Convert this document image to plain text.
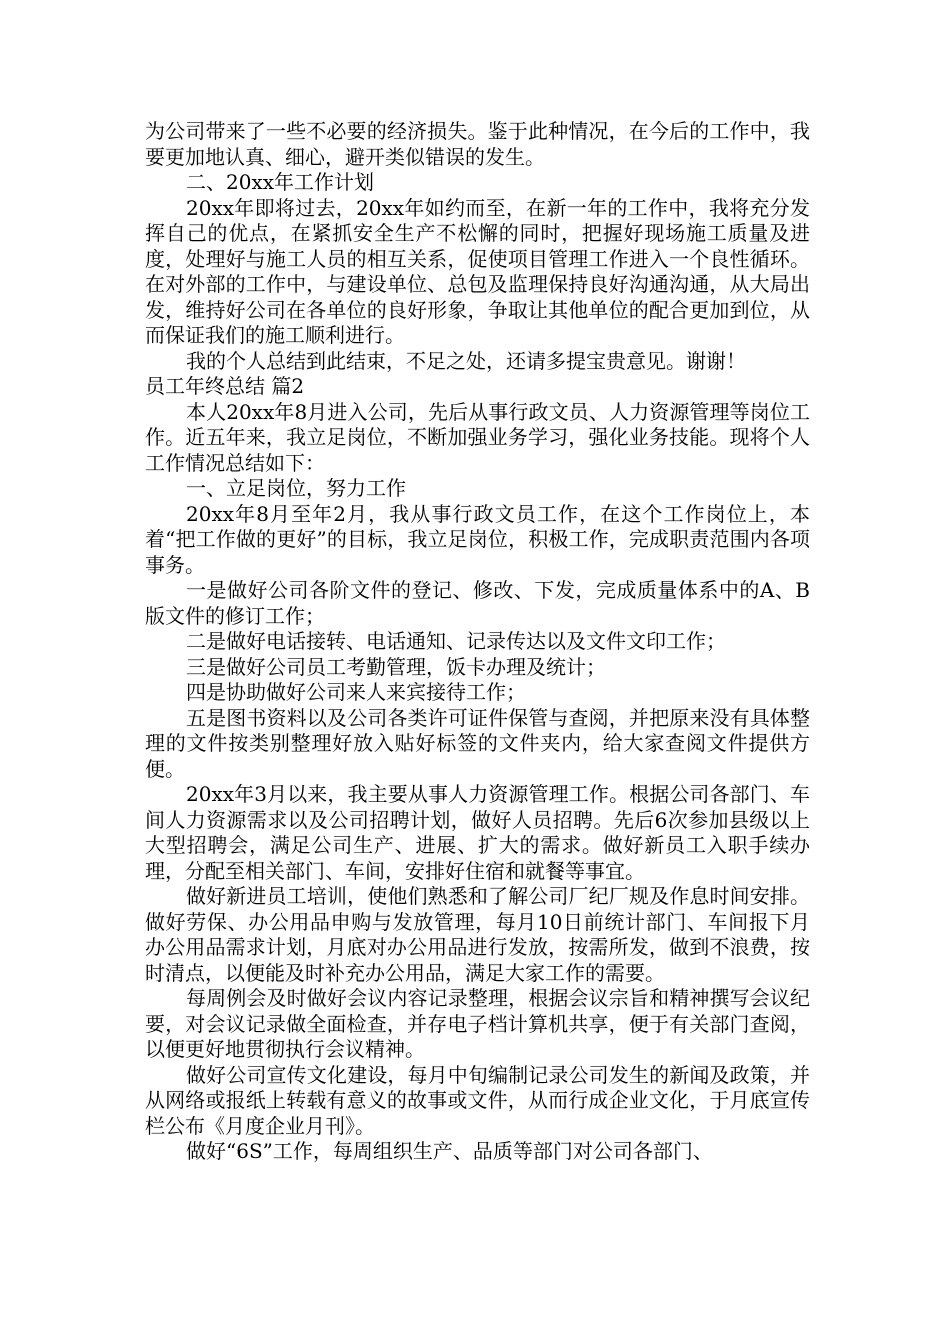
为公司带来了一些不必要的经济损失。鉴于此种情况，在今后的工作中，我要更加地认真、细心，避开类似错误的发生。

二、20xx年工作计划

20xx年即将过去，20xx年如约而至，在新一年的工作中，我将充分发挥自己的优点，在紧抓安全生产不松懈的同时，把握好现场施工质量及进度，处理好与施工人员的相互关系，促使项目管理工作进入一个良性循环。在对外部的工作中，与建设单位、总包及监理保持良好沟通沟通，从大局出发，维持好公司在各单位的良好形象，争取让其他单位的配合更加到位，从而保证我们的施工顺利进行。

我的个人总结到此结束，不足之处，还请多提宝贵意见。谢谢！

员工年终总结 篇2

本人20xx年8月进入公司，先后从事行政文员、人力资源管理等岗位工作。近五年来，我立足岗位，不断加强业务学习，强化业务技能。现将个人工作情况总结如下：

一、立足岗位，努力工作

20xx年8月至年2月，我从事行政文员工作，在这个工作岗位上，本着“把工作做的更好”的目标，我立足岗位，积极工作，完成职责范围内各项事务。

一是做好公司各阶文件的登记、修改、下发，完成质量体系中的A、B版文件的修订工作；

二是做好电话接转、电话通知、记录传达以及文件文印工作；

三是做好公司员工考勤管理，饭卡办理及统计；

四是协助做好公司来人来宾接待工作；

五是图书资料以及公司各类许可证件保管与查阅，并把原来没有具体整理的文件按类别整理好放入贴好标签的文件夹内，给大家查阅文件提供方便。

20xx年3月以来，我主要从事人力资源管理工作。根据公司各部门、车间人力资源需求以及公司招聘计划，做好人员招聘。先后6次参加县级以上大型招聘会，满足公司生产、进展、扩大的需求。做好新员工入职手续办理，分配至相关部门、车间，安排好住宿和就餐等事宜。

做好新进员工培训，使他们熟悉和了解公司厂纪厂规及作息时间安排。做好劳保、办公用品申购与发放管理，每月10日前统计部门、车间报下月办公用品需求计划，月底对办公用品进行发放，按需所发，做到不浪费，按时清点，以便能及时补充办公用品，满足大家工作的需要。

每周例会及时做好会议内容记录整理，根据会议宗旨和精神撰写会议纪要，对会议记录做全面检查，并存电子档计算机共享，便于有关部门查阅，以便更好地贯彻执行会议精神。

做好公司宣传文化建设，每月中旬编制记录公司发生的新闻及政策，并从网络或报纸上转载有意义的故事或文件，从而行成企业文化，于月底宣传栏公布《月度企业月刊》。

做好“6S”工作，每周组织生产、品质等部门对公司各部门、
